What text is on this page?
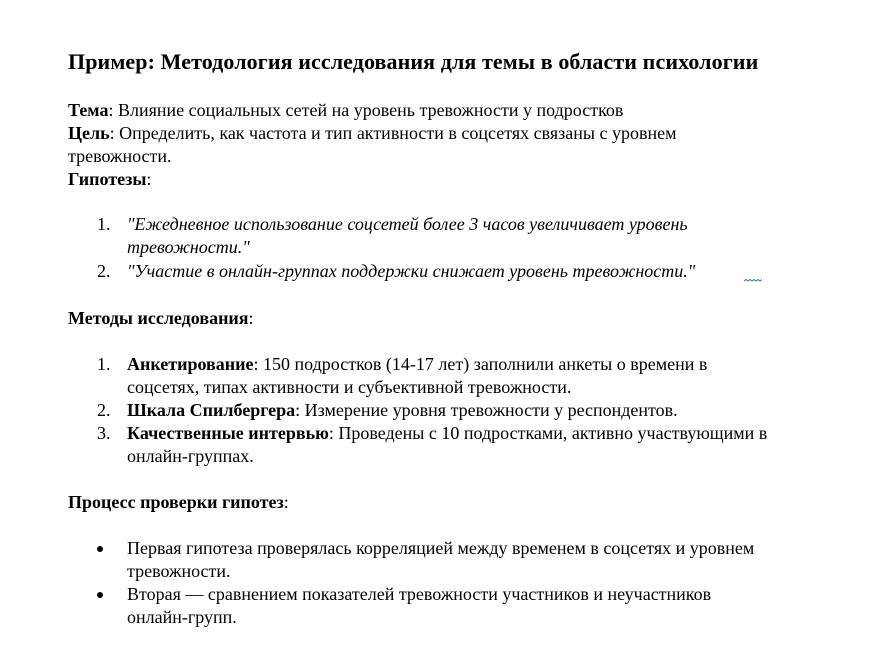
Пример: Методология исследования для темы в области психологии
Тема: Влияние социальных сетей на уровень тревожности у подростков
Цель: Определить, как частота и тип активности в соцсетях связаны с уровнем
тревожности.
Гипотезы:
1. "Ежедневное использование соцсетей более 3 часов увеличивает уровень
тревожности."
2. "Участие в онлайн-группах поддержки снижает уровень тревожности."
Методы исследования:
1. Анкетирование: 150 подростков (14-17 лет) заполнили анкеты о времени в
соцсетях, типах активности и субъективной тревожности.
2. Шкала Спилбергера: Измерение уровня тревожности у респондентов.
3. Качественные интервью: Проведены с 10 подростками, активно участвующими в
онлайн-группах.
Процесс проверки гипотез:
Первая гипотеза проверялась корреляцией между временем в соцсетях и уровнем
тревожности.
Вторая — сравнением показателей тревожности участников и неучастников
онлайн-групп.
